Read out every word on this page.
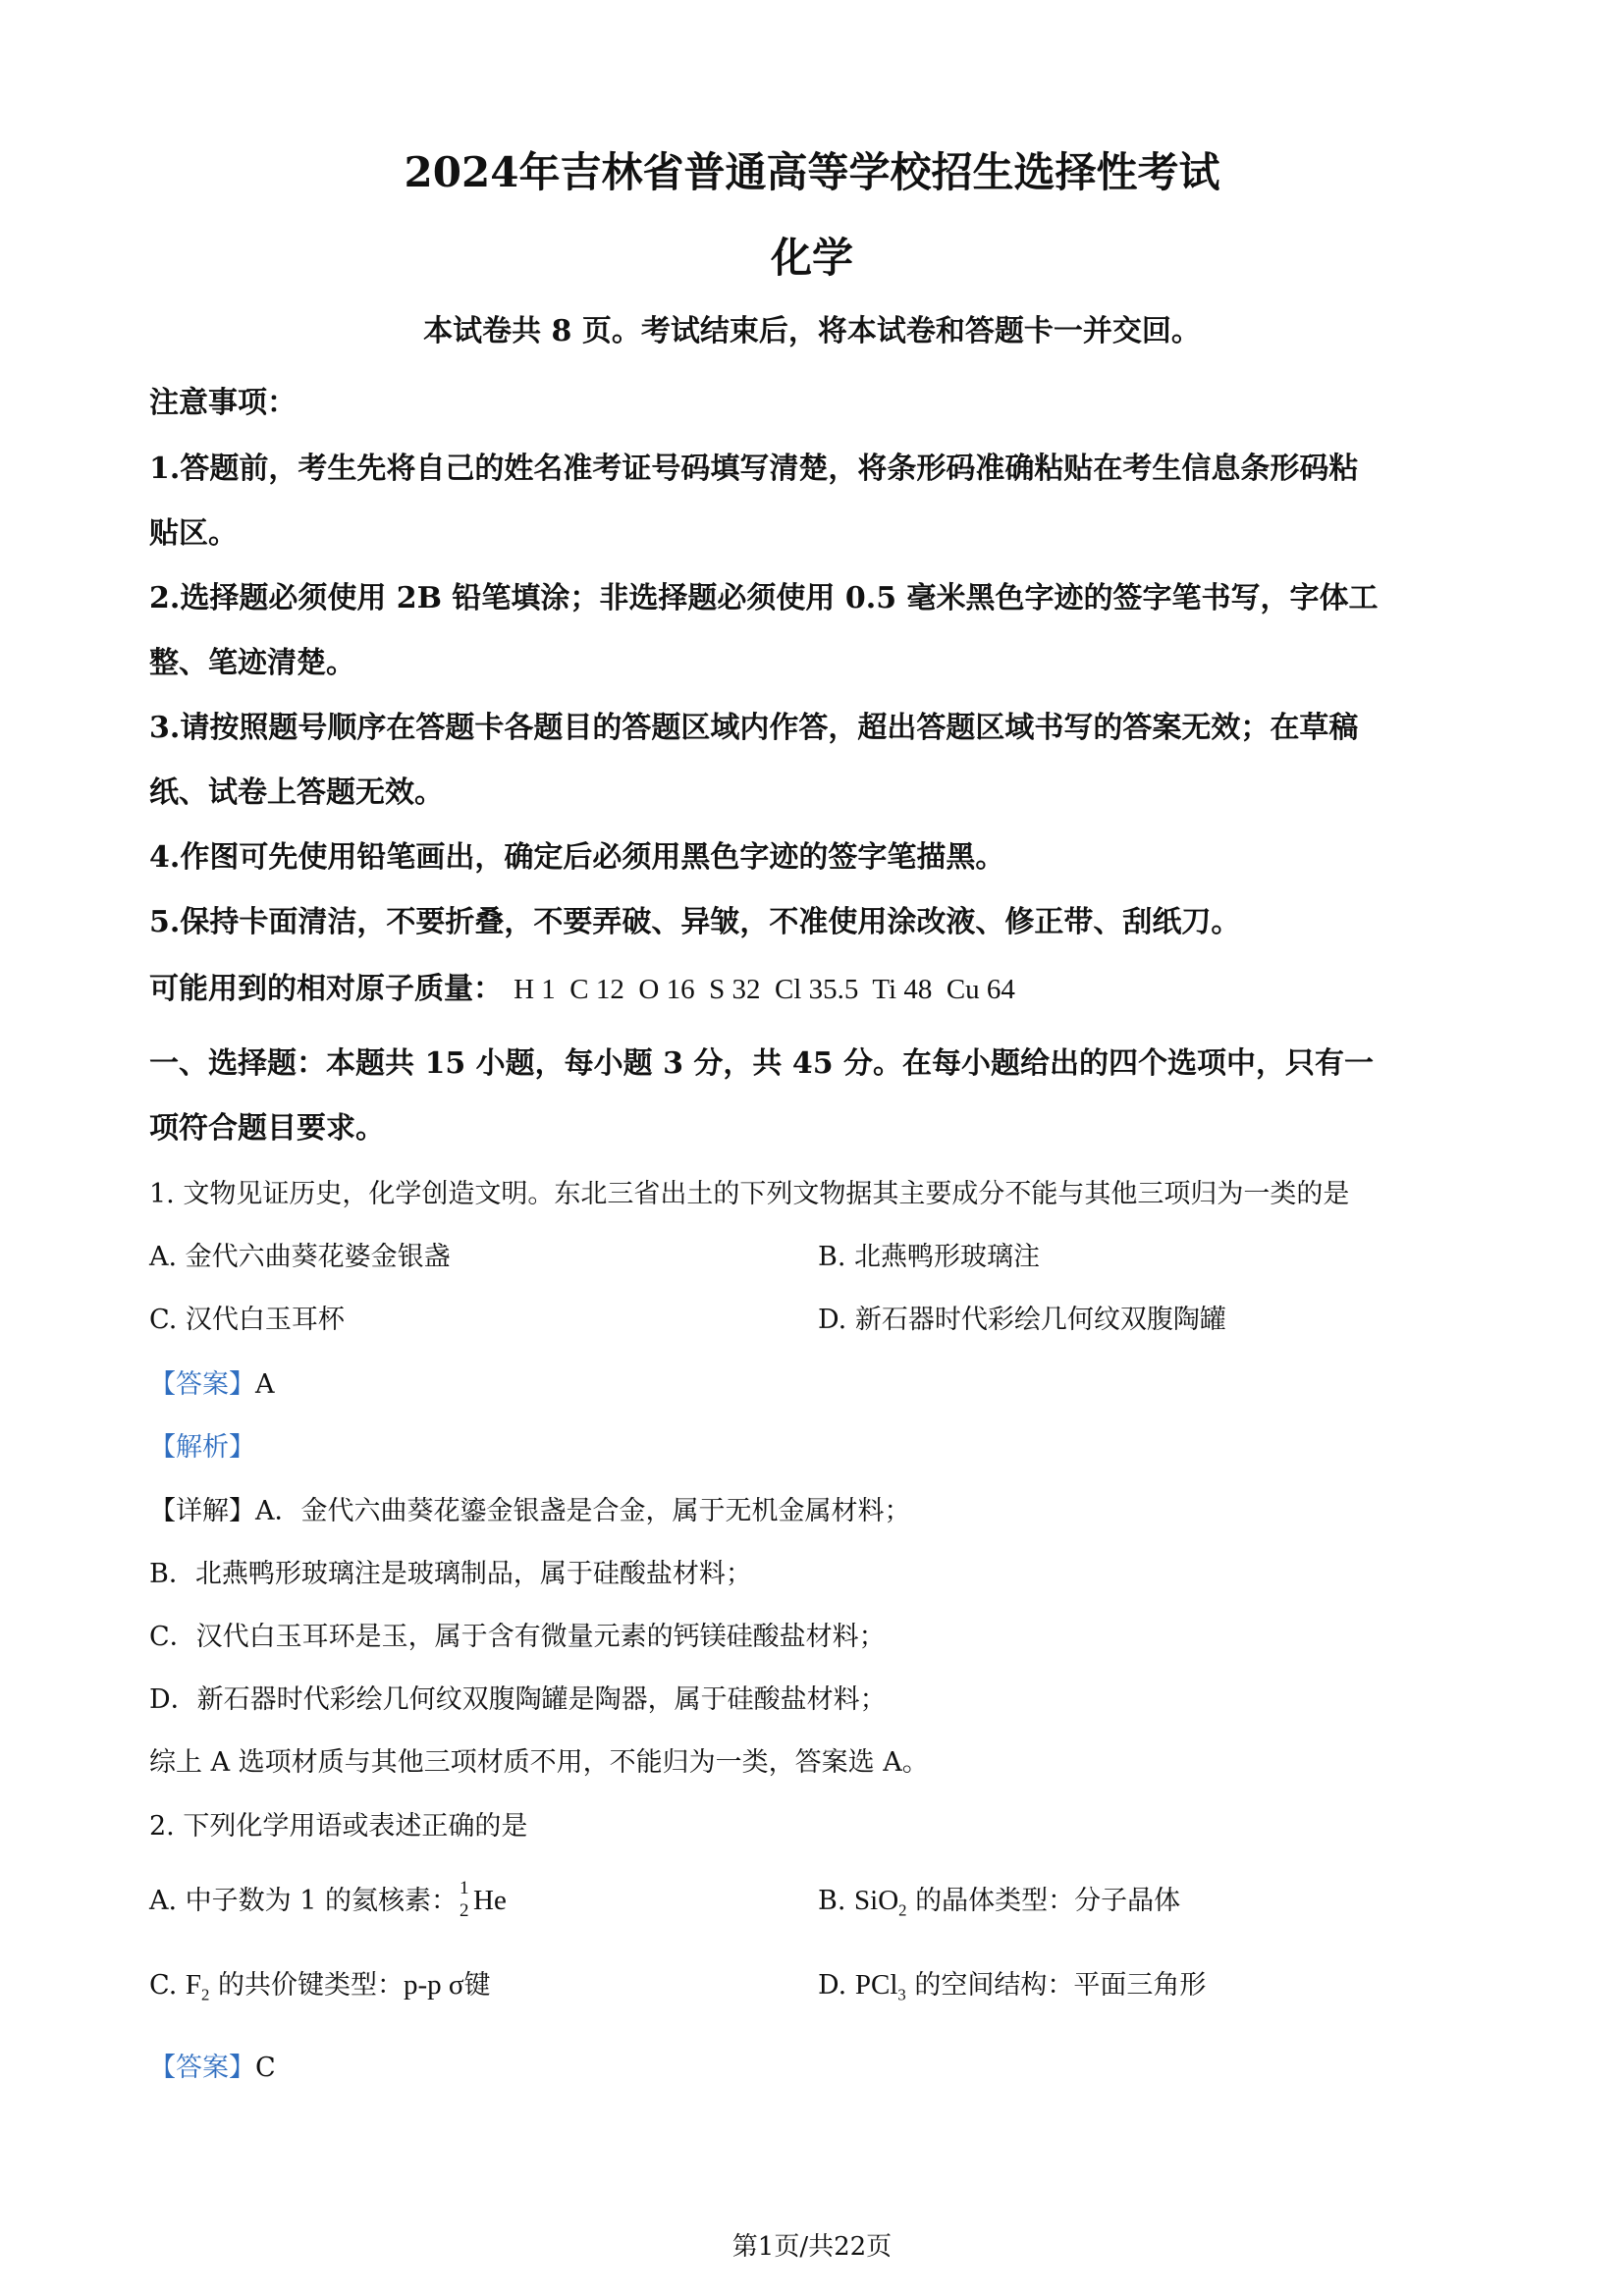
2024年吉林省普通高等学校招生选择性考试
化学
本试卷共 8 页。考试结束后，将本试卷和答题卡一并交回。
注意事项：
1.答题前，考生先将自己的姓名准考证号码填写清楚，将条形码准确粘贴在考生信息条形码粘
贴区。
2.选择题必须使用 2B 铅笔填涂；非选择题必须使用 0.5 毫米黑色字迹的签字笔书写，字体工
整、笔迹清楚。
3.请按照题号顺序在答题卡各题目的答题区域内作答，超出答题区域书写的答案无效；在草稿
纸、试卷上答题无效。
4.作图可先使用铅笔画出，确定后必须用黑色字迹的签字笔描黑。
5.保持卡面清洁，不要折叠，不要弄破、异皱，不准使用涂改液、修正带、刮纸刀。
可能用到的相对原子质量： H 1  C 12  O 16  S 32  Cl 35.5  Ti 48  Cu 64
一、选择题：本题共 15 小题，每小题 3 分，共 45 分。在每小题给出的四个选项中，只有一
项符合题目要求。
1. 文物见证历史，化学创造文明。东北三省出土的下列文物据其主要成分不能与其他三项归为一类的是
A. 金代六曲葵花婆金银盏	B. 北燕鸭形玻璃注
C. 汉代白玉耳杯	D. 新石器时代彩绘几何纹双腹陶罐
【答案】A
【解析】
【详解】A．金代六曲葵花鎏金银盏是合金，属于无机金属材料；
B．北燕鸭形玻璃注是玻璃制品，属于硅酸盐材料；
C．汉代白玉耳环是玉，属于含有微量元素的钙镁硅酸盐材料；
D．新石器时代彩绘几何纹双腹陶罐是陶器，属于硅酸盐材料；
综上 A 选项材质与其他三项材质不用，不能归为一类，答案选 A。
2. 下列化学用语或表述正确的是
A. 中子数为 1 的氦核素： 1
2 He	B. SiO$_2$ 的晶体类型：分子晶体
C. $F_2$ 的共价键类型：p-p σ键	D. PCl$_3$ 的空间结构：平面三角形
【答案】C
第1页/共22页
